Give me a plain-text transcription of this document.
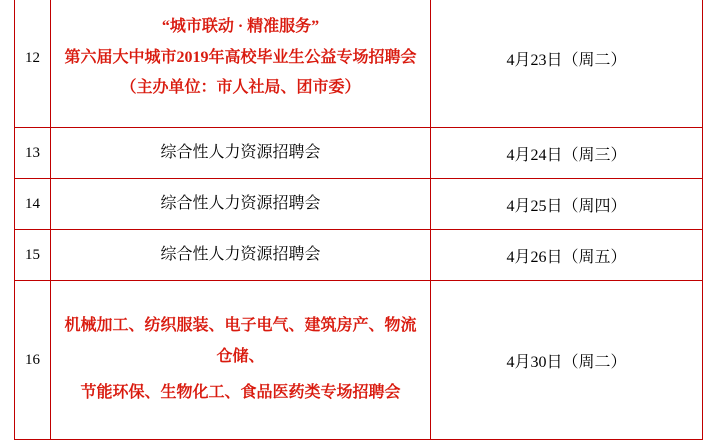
12	“城市联动 · 精准服务”
第六届大中城市2019年高校毕业生公益专场招聘会
（主办单位：市人社局、团市委）	4月23日（周二）
13	综合性人力资源招聘会	4月24日（周三）
14	综合性人力资源招聘会	4月25日（周四）
15	综合性人力资源招聘会	4月26日（周五）
16	机械加工、纺织服装、电子电气、建筑房产、物流仓储、
节能环保、生物化工、食品医药类专场招聘会	4月30日（周二）
